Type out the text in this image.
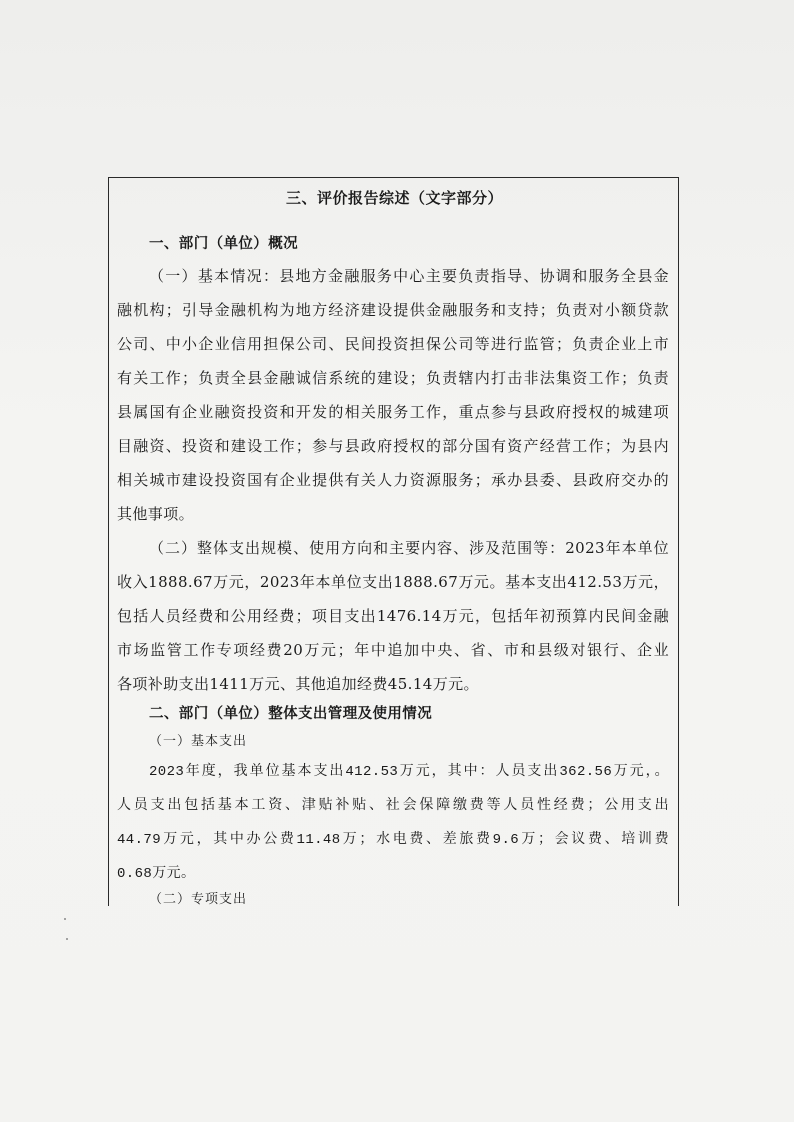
三、评价报告综述（文字部分）
一、部门（单位）概况
（一）基本情况：县地方金融服务中心主要负责指导、协调和服务全县金
融机构；引导金融机构为地方经济建设提供金融服务和支持；负责对小额贷款
公司、中小企业信用担保公司、民间投资担保公司等进行监管；负责企业上市
有关工作；负责全县金融诚信系统的建设；负责辖内打击非法集资工作；负责
县属国有企业融资投资和开发的相关服务工作，重点参与县政府授权的城建项
目融资、投资和建设工作；参与县政府授权的部分国有资产经营工作；为县内
相关城市建设投资国有企业提供有关人力资源服务；承办县委、县政府交办的
其他事项。
（二）整体支出规模、使用方向和主要内容、涉及范围等：2023年本单位
收入1888.67万元，2023年本单位支出1888.67万元。基本支出412.53万元，
包括人员经费和公用经费；项目支出1476.14万元，包括年初预算内民间金融
市场监管工作专项经费20万元；年中追加中央、省、市和县级对银行、企业
各项补助支出1411万元、其他追加经费45.14万元。
二、部门（单位）整体支出管理及使用情况
（一）基本支出
2023年度，我单位基本支出412.53万元，其中：人员支出362.56万元，。
人员支出包括基本工资、津贴补贴、社会保障缴费等人员性经费；公用支出
44.79万元，其中办公费11.48万；水电费、差旅费9.6万；会议费、培训费
0.68万元。
（二）专项支出
